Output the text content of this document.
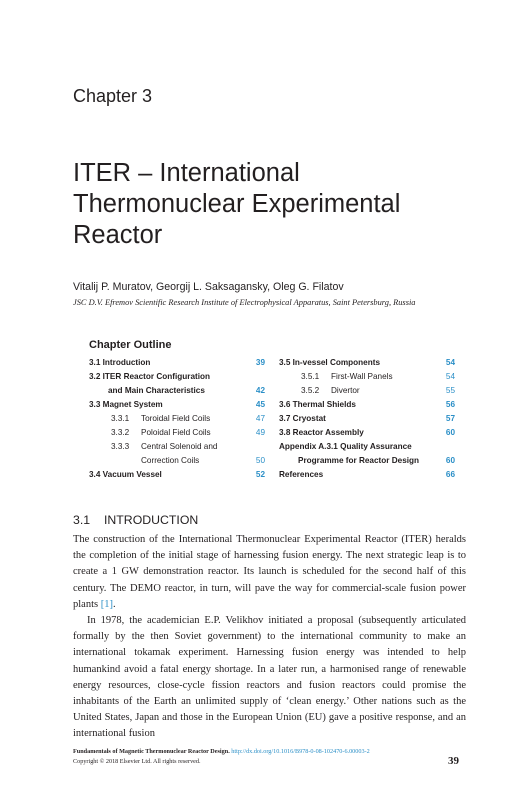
Chapter 3
ITER – International
Thermonuclear Experimental
Reactor
Vitalij P. Muratov, Georgij L. Saksagansky, Oleg G. Filatov
JSC D.V. Efremov Scientific Research Institute of Electrophysical Apparatus, Saint Petersburg, Russia
Chapter Outline
3.1 Introduction	39
3.2 ITER Reactor Configuration
and Main Characteristics	42
3.3 Magnet System	45
3.3.1 Toroidal Field Coils	47
3.3.2 Poloidal Field Coils	49
3.3.3 Central Solenoid and
Correction Coils	50
3.4 Vacuum Vessel	52
3.5 In-vessel Components	54
3.5.1 First-Wall Panels	54
3.5.2 Divertor	55
3.6 Thermal Shields	56
3.7 Cryostat	57
3.8 Reactor Assembly	60
Appendix A.3.1 Quality Assurance
Programme for Reactor Design	60
References	66
3.1 INTRODUCTION

The construction of the International Thermonuclear Experimental Reactor (ITER) heralds the completion of the initial stage of harnessing fusion energy. The next strategic leap is to create a 1 GW demonstration reactor. Its launch is scheduled for the second half of this century. The DEMO reactor, in turn, will pave the way for commercial-scale fusion power plants [1].

In 1978, the academician E.P. Velikhov initiated a proposal (subsequently articulated formally by the then Soviet government) to the international community to make an international tokamak experiment. Harnessing fusion energy was intended to help humankind avoid a fatal energy shortage. In a later run, a harmonised range of renewable energy resources, close-cycle fission reactors and fusion reactors could promise the inhabitants of the Earth an unlimited supply of ‘clean energy.’ Other nations such as the United States, Japan and those in the European Union (EU) gave a positive response, and an international fusion

Fundamentals of Magnetic Thermonuclear Reactor Design. http://dx.doi.org/10.1016/B978-0-08-102470-6.00003-2
Copyright © 2018 Elsevier Ltd. All rights reserved.	39
